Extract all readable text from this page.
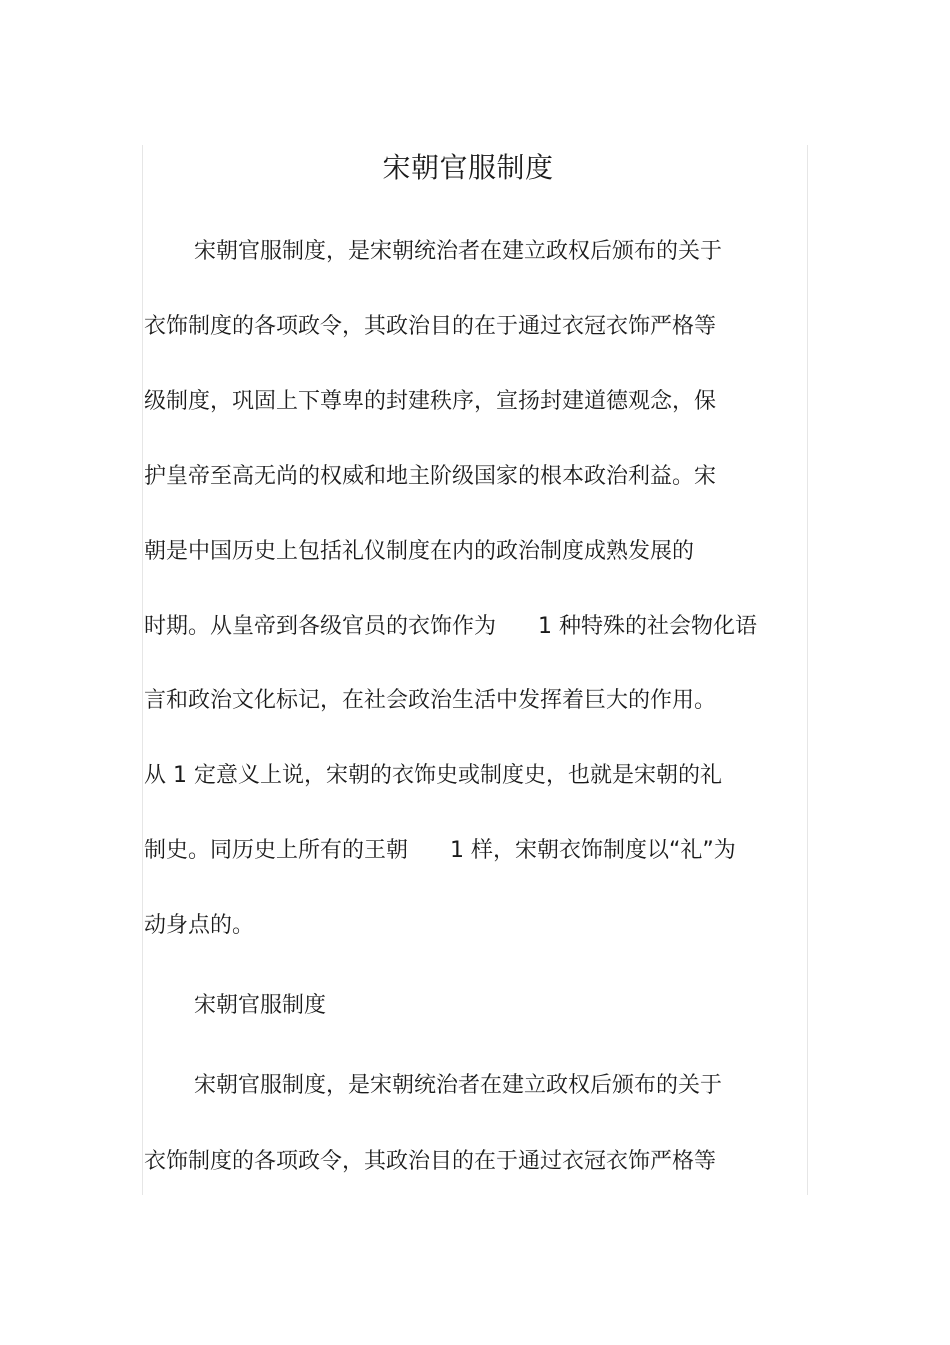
宋朝官服制度

宋朝官服制度，是宋朝统治者在建立政权后颁布的关于

衣饰制度的各项政令，其政治目的在于通过衣冠衣饰严格等

级制度，巩固上下尊卑的封建秩序，宣扬封建道德观念，保

护皇帝至高无尚的权威和地主阶级国家的根本政治利益。宋

朝是中国历史上包括礼仪制度在内的政治制度成熟发展的

时期。从皇帝到各级官员的衣饰作为      1 种特殊的社会物化语

言和政治文化标记，在社会政治生活中发挥着巨大的作用。

从 1 定意义上说，宋朝的衣饰史或制度史，也就是宋朝的礼

制史。同历史上所有的王朝      1 样，宋朝衣饰制度以“礼”为

动身点的。

宋朝官服制度

宋朝官服制度，是宋朝统治者在建立政权后颁布的关于

衣饰制度的各项政令，其政治目的在于通过衣冠衣饰严格等
